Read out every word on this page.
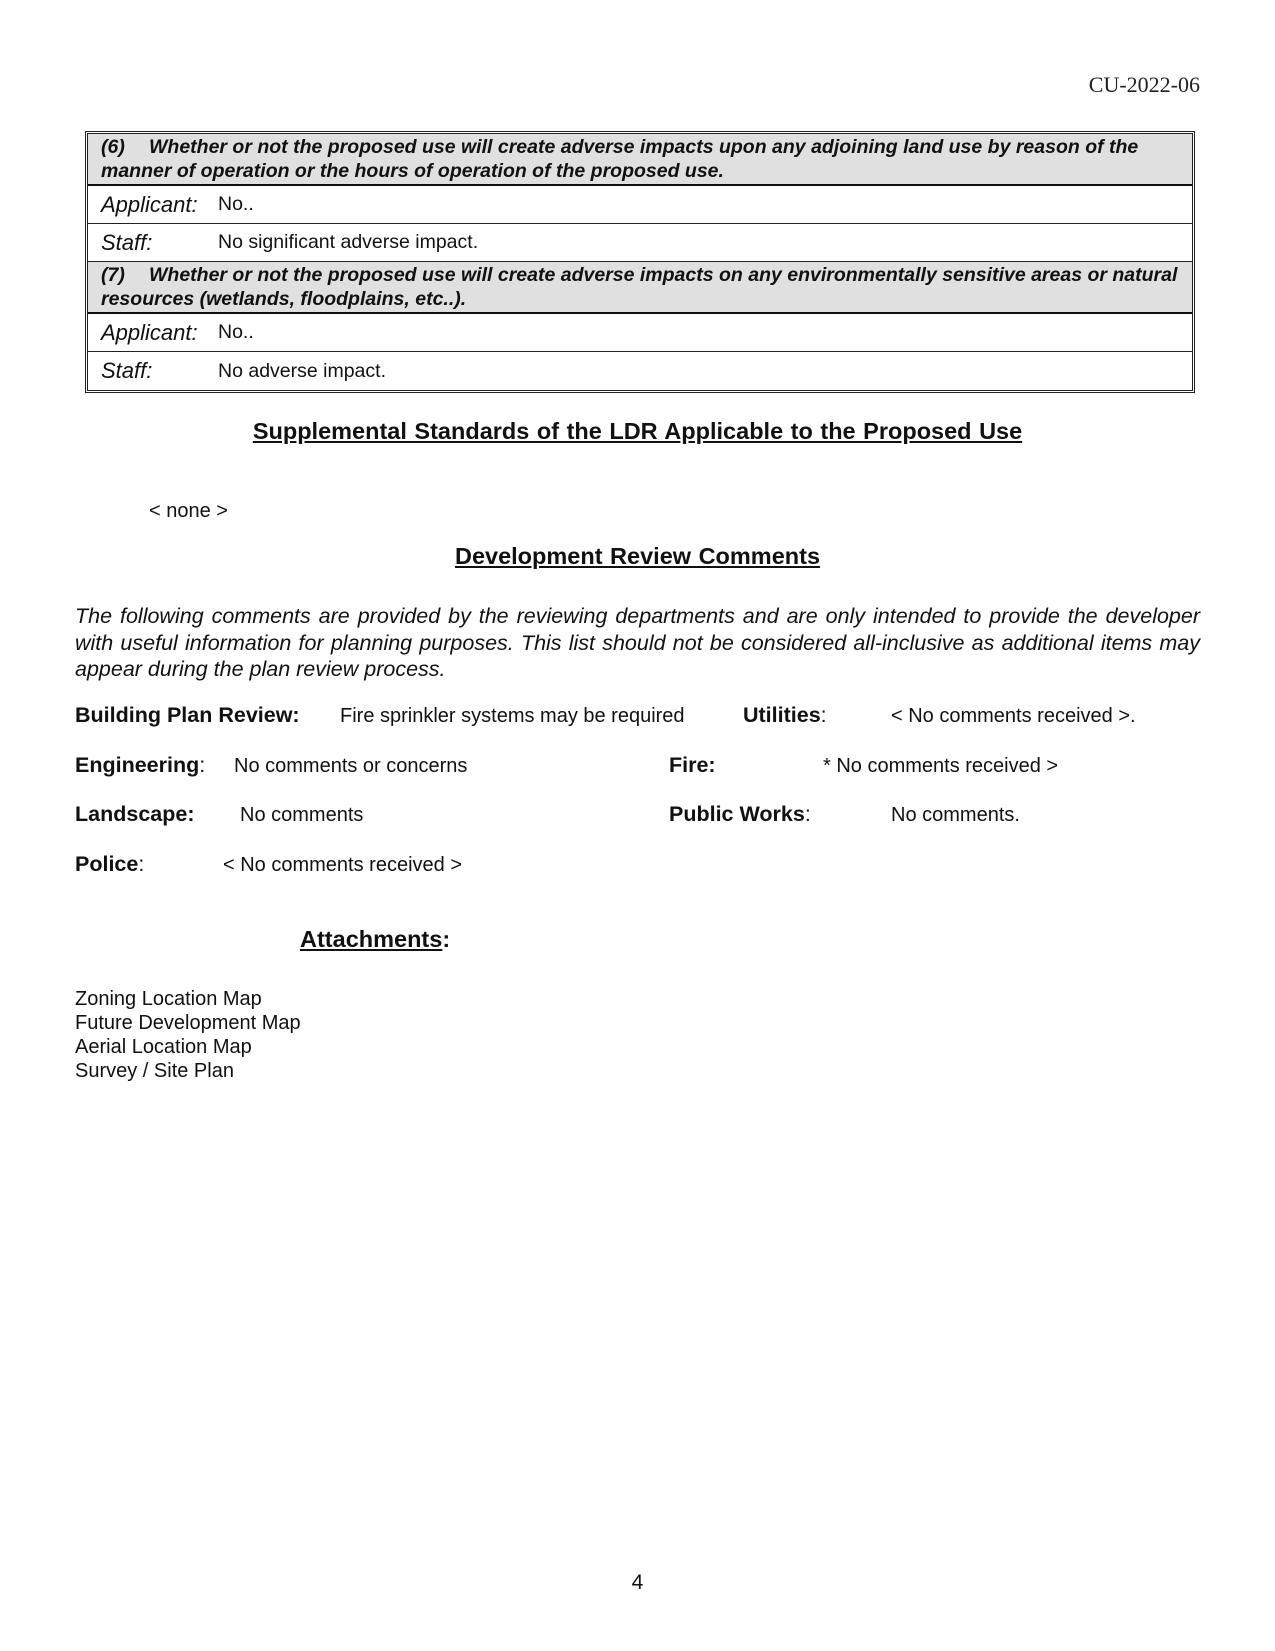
CU-2022-06
(6) Whether or not the proposed use will create adverse impacts upon any adjoining land use by reason of the manner of operation or the hours of operation of the proposed use.
Applicant:	No..
Staff:	No significant adverse impact.
(7) Whether or not the proposed use will create adverse impacts on any environmentally sensitive areas or natural resources (wetlands, floodplains, etc..).
Applicant:	No..
Staff:	No adverse impact.
Supplemental Standards of the LDR Applicable to the Proposed Use
< none >
Development Review Comments
The following comments are provided by the reviewing departments and are only intended to provide the developer with useful information for planning purposes. This list should not be considered all-inclusive as additional items may appear during the plan review process.
Building Plan Review: Fire sprinkler systems may be required	Utilities:	< No comments received >.
Engineering: No comments or concerns	Fire:	* No comments received >
Landscape: No comments	Public Works:	No comments.
Police:	< No comments received >
Attachments:
Zoning Location Map
Future Development Map
Aerial Location Map
Survey / Site Plan
4
